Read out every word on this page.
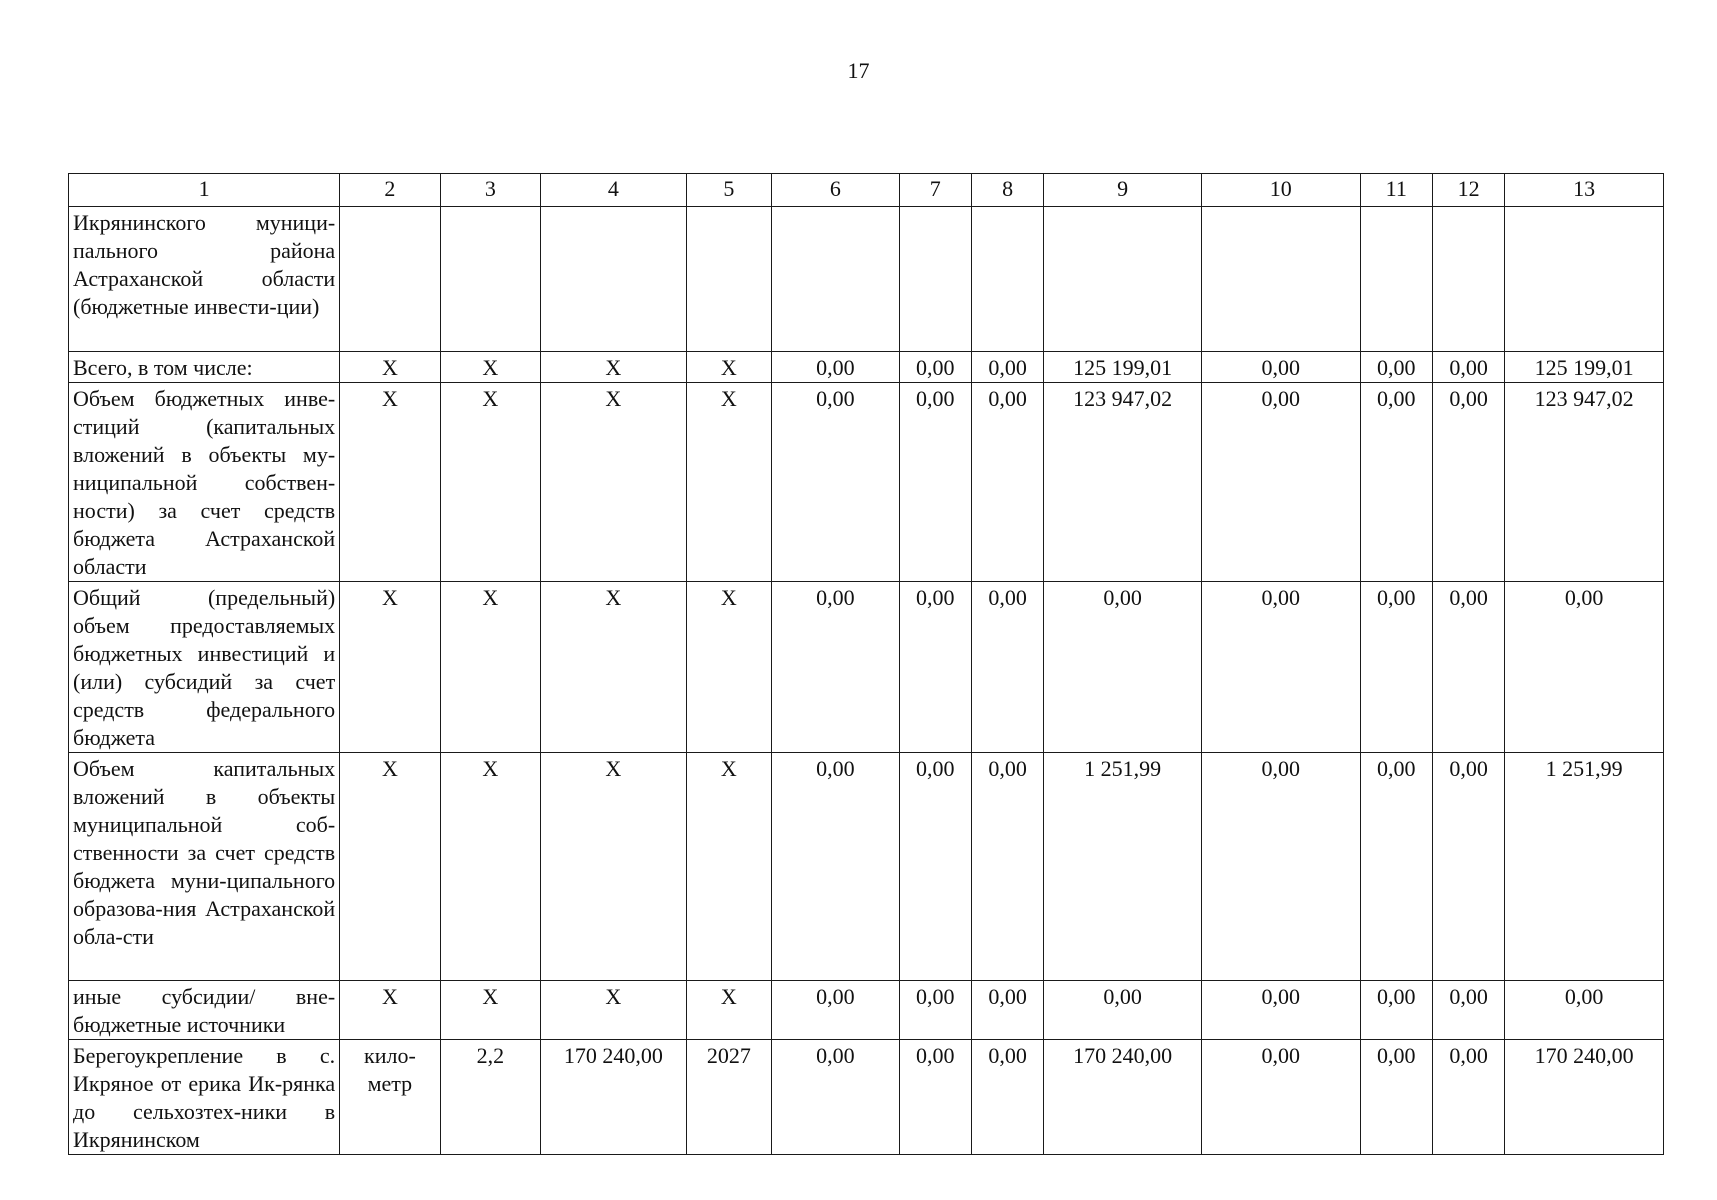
17
1	2	3	4	5	6	7	8	9	10	11	12	13
Икрянинского муници-пального района Астраханской области (бюджетные инвести-ции)												
Всего, в том числе:	X	X	X	X	0,00	0,00	0,00	125 199,01	0,00	0,00	0,00	125 199,01
Объем бюджетных инве-стиций (капитальных вложений в объекты му-ниципальной собствен-ности) за счет средств бюджета Астраханской области	X	X	X	X	0,00	0,00	0,00	123 947,02	0,00	0,00	0,00	123 947,02
Общий (предельный) объем предоставляемых бюджетных инвестиций и (или) субсидий за счет средств федерального бюджета	X	X	X	X	0,00	0,00	0,00	0,00	0,00	0,00	0,00	0,00
Объем капитальных вложений в объекты муниципальной соб-ственности за счет средств бюджета муни-ципального образова-ния Астраханской обла-сти	X	X	X	X	0,00	0,00	0,00	1 251,99	0,00	0,00	0,00	1 251,99
иные субсидии/ вне-бюджетные источники	X	X	X	X	0,00	0,00	0,00	0,00	0,00	0,00	0,00	0,00
Берегоукрепление в с. Икряное от ерика Ик-рянка до сельхозтех-ники в Икрянинском	кило-метр	2,2	170 240,00	2027	0,00	0,00	0,00	170 240,00	0,00	0,00	0,00	170 240,00
